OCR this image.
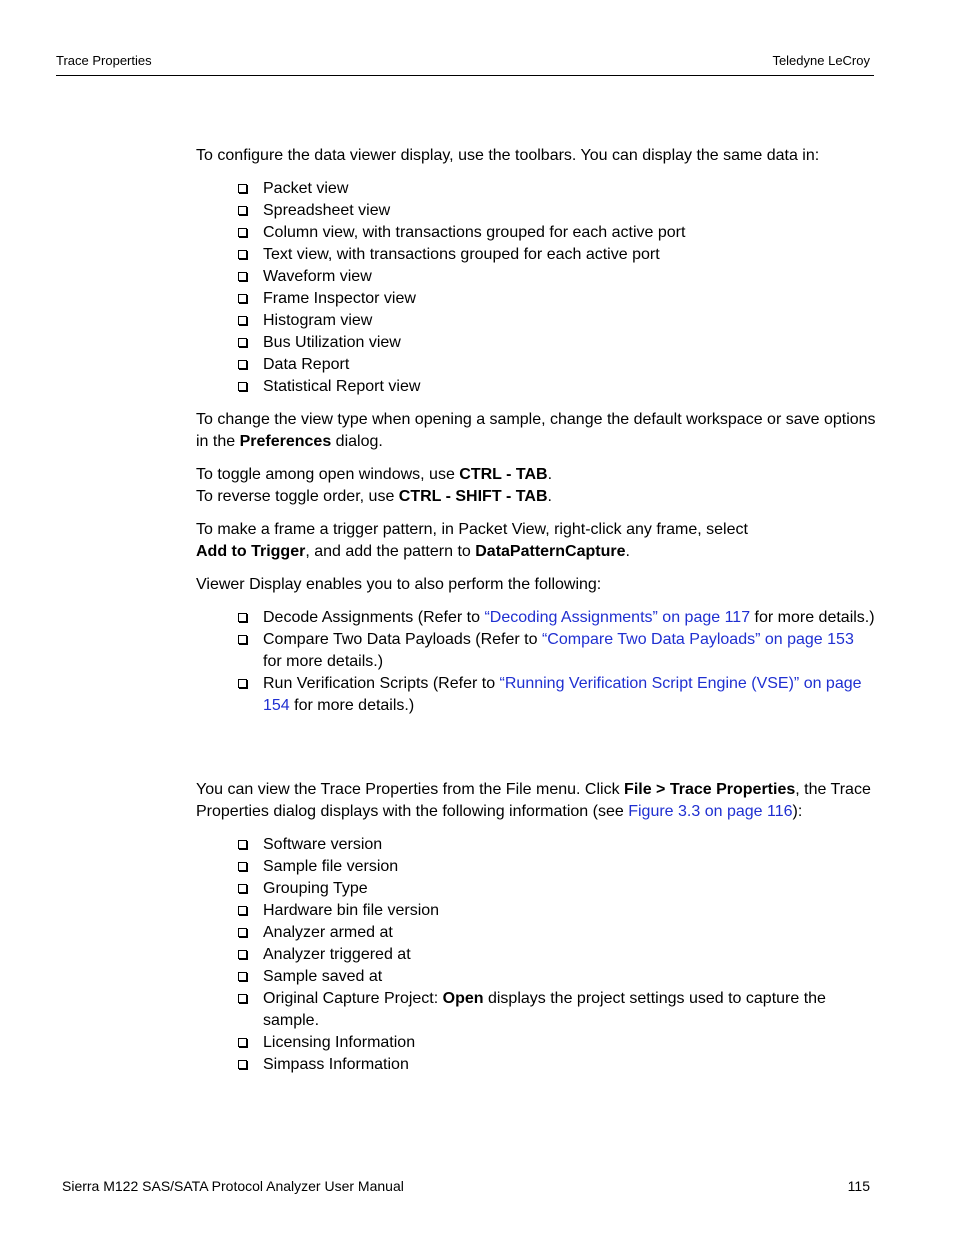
Trace Properties	Teledyne LeCroy

To configure the data viewer display, use the toolbars. You can display the same data in:

Packet view
Spreadsheet view
Column view, with transactions grouped for each active port
Text view, with transactions grouped for each active port
Waveform view
Frame Inspector view
Histogram view
Bus Utilization view
Data Report
Statistical Report view

To change the view type when opening a sample, change the default workspace or save options in the Preferences dialog.

To toggle among open windows, use CTRL - TAB.
To reverse toggle order, use CTRL - SHIFT - TAB.

To make a frame a trigger pattern, in Packet View, right-click any frame, select
Add to Trigger, and add the pattern to DataPatternCapture.

Viewer Display enables you to also perform the following:

Decode Assignments (Refer to “Decoding Assignments” on page 117 for more details.)
Compare Two Data Payloads (Refer to “Compare Two Data Payloads” on page 153 for more details.)
Run Verification Scripts (Refer to “Running Verification Script Engine (VSE)” on page 154 for more details.)

You can view the Trace Properties from the File menu. Click File > Trace Properties, the Trace Properties dialog displays with the following information (see Figure 3.3 on page 116):

Software version
Sample file version
Grouping Type
Hardware bin file version
Analyzer armed at
Analyzer triggered at
Sample saved at
Original Capture Project: Open displays the project settings used to capture the sample.
Licensing Information
Simpass Information
Sierra M122 SAS/SATA Protocol Analyzer User Manual	115
